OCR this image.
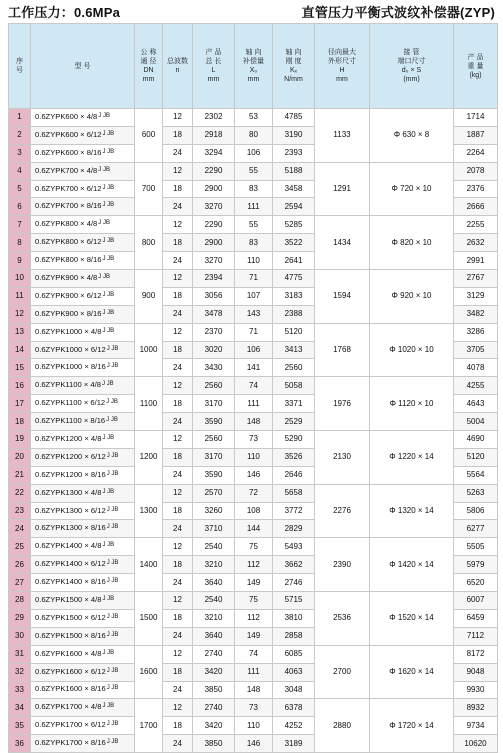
工作压力：0.6MPa	直管压力平衡式波纹补偿器(ZYP)
序
号	型 号	公 称
通 径
DN
mm	总波数
n	产 品
总 长
L
mm	轴 向
补偿量
X₀
mm	轴 向
刚 度
Kₓ
N/mm	径向最大
外形尺寸
H
mm	接 管
端口尺寸
d₀ × S
(mm)	产 品
重 量
(kg)

1	0.6ZYPK600 × $4/8^{J JB}$	600	12	2302	53	4785	1133	Φ 630 × 8	1714
2	0.6ZYPK600 × $6/12^{J JB}$		18	2918	80	3190			1887
3	0.6ZYPK600 × $8/16^{J JB}$		24	3294	106	2393			2264
4	0.6ZYPK700 × $4/8^{J JB}$	700	12	2290	55	5188	1291	Φ 720 × 10	2078
5	0.6ZYPK700 × $6/12^{J JB}$		18	2900	83	3458			2376
6	0.6ZYPK700 × $8/16^{J JB}$		24	3270	111	2594			2666
7	0.6ZYPK800 × $4/8^{J JB}$	800	12	2290	55	5285	1434	Φ 820 × 10	2255
8	0.6ZYPK800 × $6/12^{J JB}$		18	2900	83	3522			2632
9	0.6ZYPK800 × $8/16^{J JB}$		24	3270	110	2641			2991
10	0.6ZYPK900 × $4/8^{J JB}$	900	12	2394	71	4775	1594	Φ 920 × 10	2767
11	0.6ZYPK900 × $6/12^{J JB}$		18	3056	107	3183			3129
12	0.6ZYPK900 × $8/16^{J JB}$		24	3478	143	2388			3482
13	0.6ZYPK1000 × $4/8^{J JB}$	1000	12	2370	71	5120	1768	Φ 1020 × 10	3286
14	0.6ZYPK1000 × $6/12^{J JB}$		18	3020	106	3413			3705
15	0.6ZYPK1000 × $8/16^{J JB}$		24	3430	141	2560			4078
16	0.6ZYPK1100 × $4/8^{J JB}$	1100	12	2560	74	5058	1976	Φ 1120 × 10	4255
17	0.6ZYPK1100 × $6/12^{J JB}$		18	3170	111	3371			4643
18	0.6ZYPK1100 × $8/16^{J JB}$		24	3590	148	2529			5004
19	0.6ZYPK1200 × $4/8^{J JB}$	1200	12	2560	73	5290	2130	Φ 1220 × 14	4690
20	0.6ZYPK1200 × $6/12^{J JB}$		18	3170	110	3526			5120
21	0.6ZYPK1200 × $8/16^{J JB}$		24	3590	146	2646			5564
22	0.6ZYPK1300 × $4/8^{J JB}$	1300	12	2570	72	5658	2276	Φ 1320 × 14	5263
23	0.6ZYPK1300 × $6/12^{J JB}$		18	3260	108	3772			5806
24	0.6ZYPK1300 × $8/16^{J JB}$		24	3710	144	2829			6277
25	0.6ZYPK1400 × $4/8^{J JB}$	1400	12	2540	75	5493	2390	Φ 1420 × 14	5505
26	0.6ZYPK1400 × $6/12^{J JB}$		18	3210	112	3662			5979
27	0.6ZYPK1400 × $8/16^{J JB}$		24	3640	149	2746			6520
28	0.6ZYPK1500 × $4/8^{J JB}$	1500	12	2540	75	5715	2536	Φ 1520 × 14	6007
29	0.6ZYPK1500 × $6/12^{J JB}$		18	3210	112	3810			6459
30	0.6ZYPK1500 × $8/16^{J JB}$		24	3640	149	2858			7112
31	0.6ZYPK1600 × $4/8^{J JB}$	1600	12	2740	74	6085	2700	Φ 1620 × 14	8172
32	0.6ZYPK1600 × $6/12^{J JB}$		18	3420	111	4063			9048
33	0.6ZYPK1600 × $8/16^{J JB}$		24	3850	148	3048			9930
34	0.6ZYPK1700 × $4/8^{J JB}$	1700	12	2740	73	6378	2880	Φ 1720 × 14	8932
35	0.6ZYPK1700 × $6/12^{J JB}$		18	3420	110	4252			9734
36	0.6ZYPK1700 × $8/16^{J JB}$		24	3850	146	3189			10620
